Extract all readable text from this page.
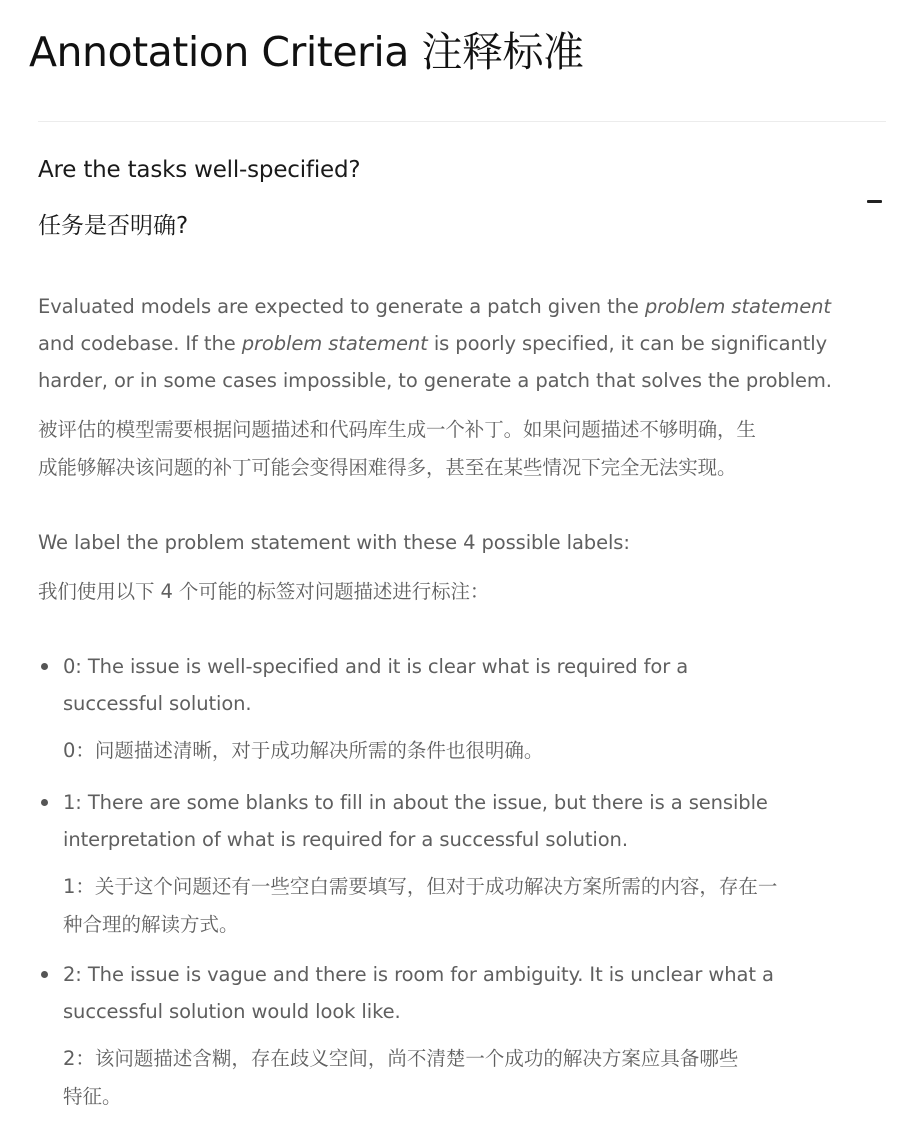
Annotation Criteria 注释标准
Are the tasks well-specified?
任务是否明确?
Evaluated models are expected to generate a patch given the problem statement
and codebase. If the problem statement is poorly specified, it can be significantly
harder, or in some cases impossible, to generate a patch that solves the problem.
被评估的模型需要根据问题描述和代码库生成一个补丁。如果问题描述不够明确，生
成能够解决该问题的补丁可能会变得困难得多，甚至在某些情况下完全无法实现。
We label the problem statement with these 4 possible labels:
我们使用以下 4 个可能的标签对问题描述进行标注：
0: The issue is well-specified and it is clear what is required for a
successful solution.
0：问题描述清晰，对于成功解决所需的条件也很明确。
1: There are some blanks to fill in about the issue, but there is a sensible
interpretation of what is required for a successful solution.
1：关于这个问题还有一些空白需要填写，但对于成功解决方案所需的内容，存在一
种合理的解读方式。
2: The issue is vague and there is room for ambiguity. It is unclear what a
successful solution would look like.
2：该问题描述含糊，存在歧义空间，尚不清楚一个成功的解决方案应具备哪些
特征。
